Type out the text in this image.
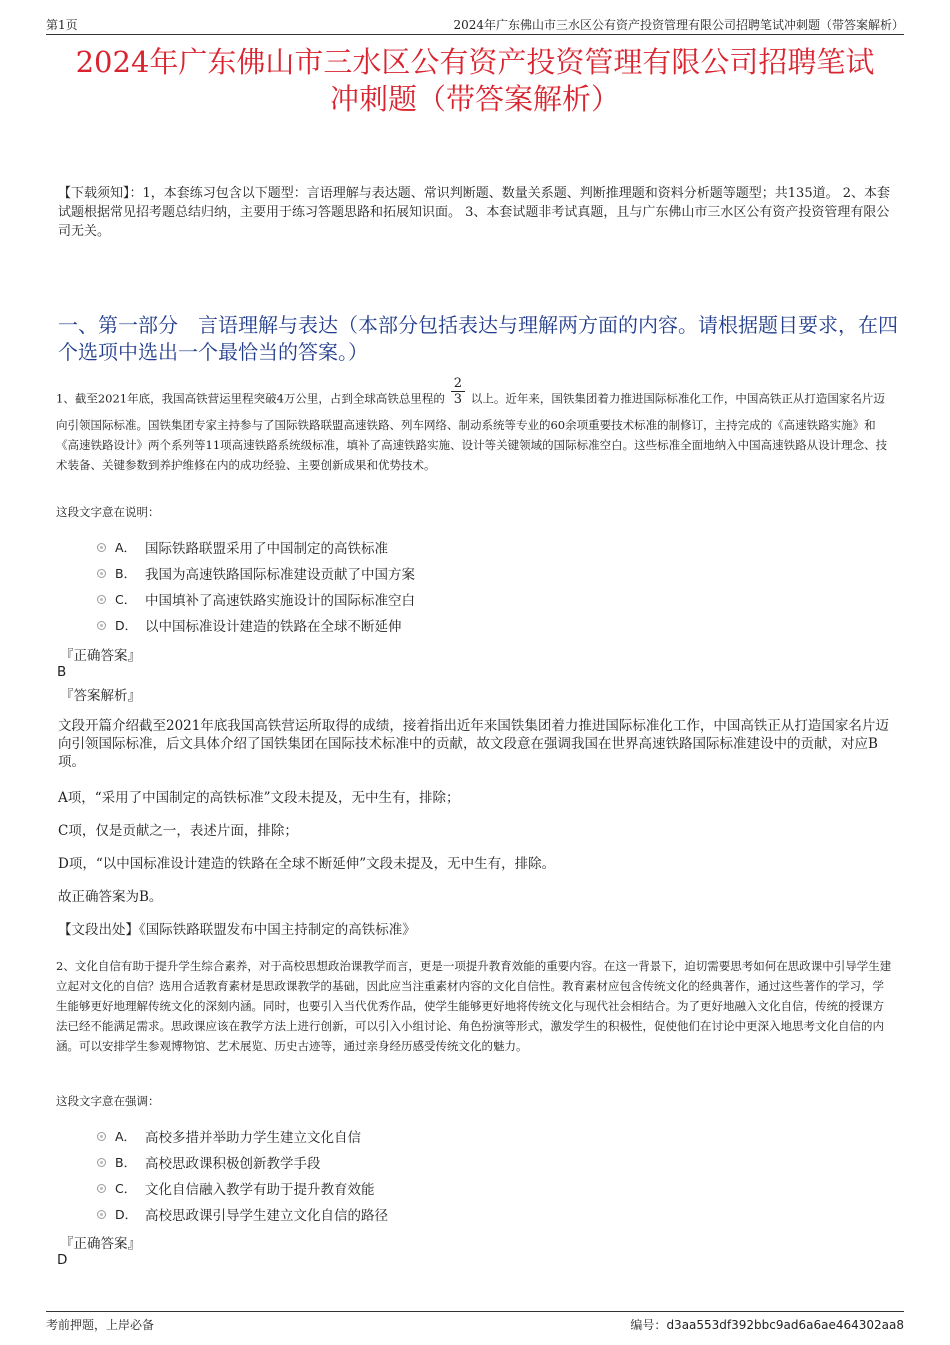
第1页	2024年广东佛山市三水区公有资产投资管理有限公司招聘笔试冲刺题（带答案解析）
2024年广东佛山市三水区公有资产投资管理有限公司招聘笔试
冲刺题（带答案解析）
【下载须知】：1，本套练习包含以下题型：言语理解与表达题、常识判断题、数量关系题、判断推理题和资料分析题等题型；共135道。 2、本套试题根据常见招考题总结归纳，主要用于练习答题思路和拓展知识面。 3、本套试题非考试真题，且与广东佛山市三水区公有资产投资管理有限公司无关。
一、第一部分　言语理解与表达（本部分包括表达与理解两方面的内容。请根据题目要求，在四个选项中选出一个最恰当的答案。）
1、截至2021年底，我国高铁营运里程突破4万公里，占到全球高铁总里程的 $\frac{2}{3}$ 以上。近年来，国铁集团着力推进国际标准化工作，中国高铁正从打造国家名片迈向引领国际标准。国铁集团专家主持参与了国际铁路联盟高速铁路、列车网络、制动系统等专业的60余项重要技术标准的制修订，主持完成的《高速铁路实施》和《高速铁路设计》两个系列等11项高速铁路系统级标准，填补了高速铁路实施、设计等关键领域的国际标准空白。这些标准全面地纳入中国高速铁路从设计理念、技术装备、关键参数到养护维修在内的成功经验、主要创新成果和优势技术。
这段文字意在说明：
A． 国际铁路联盟采用了中国制定的高铁标准
B． 我国为高速铁路国际标准建设贡献了中国方案
C． 中国填补了高速铁路实施设计的国际标准空白
D． 以中国标准设计建造的铁路在全球不断延伸
『正确答案』
B
『答案解析』
文段开篇介绍截至2021年底我国高铁营运所取得的成绩，接着指出近年来国铁集团着力推进国际标准化工作，中国高铁正从打造国家名片迈向引领国际标准，后文具体介绍了国铁集团在国际技术标准中的贡献，故文段意在强调我国在世界高速铁路国际标准建设中的贡献，对应B项。
A项，“采用了中国制定的高铁标准”文段未提及，无中生有，排除；
C项，仅是贡献之一，表述片面，排除；
D项，“以中国标准设计建造的铁路在全球不断延伸”文段未提及，无中生有，排除。
故正确答案为B。
【文段出处】《国际铁路联盟发布中国主持制定的高铁标准》
2、文化自信有助于提升学生综合素养，对于高校思想政治课教学而言，更是一项提升教育效能的重要内容。在这一背景下，迫切需要思考如何在思政课中引导学生建立起对文化的自信？选用合适教育素材是思政课教学的基础，因此应当注重素材内容的文化自信性。教育素材应包含传统文化的经典著作，通过这些著作的学习，学生能够更好地理解传统文化的深刻内涵。同时，也要引入当代优秀作品，使学生能够更好地将传统文化与现代社会相结合。为了更好地融入文化自信，传统的授课方法已经不能满足需求。思政课应该在教学方法上进行创新，可以引入小组讨论、角色扮演等形式，激发学生的积极性，促使他们在讨论中更深入地思考文化自信的内涵。可以安排学生参观博物馆、艺术展览、历史古迹等，通过亲身经历感受传统文化的魅力。
这段文字意在强调：
A． 高校多措并举助力学生建立文化自信
B． 高校思政课积极创新教学手段
C． 文化自信融入教学有助于提升教育效能
D． 高校思政课引导学生建立文化自信的路径
『正确答案』
D
考前押题，上岸必备	编号：d3aa553df392bbc9ad6a6ae464302aa8
